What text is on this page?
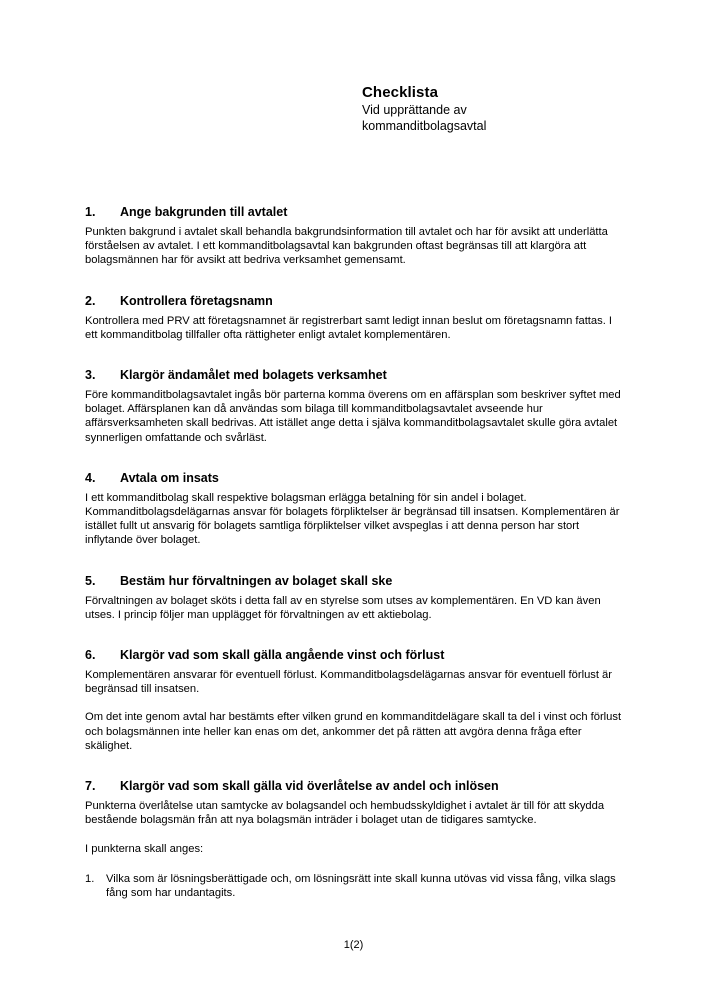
Checklista

Vid upprättande av

kommanditbolagsavtal

1.	Ange bakgrunden till avtalet

Punkten bakgrund i avtalet skall behandla bakgrundsinformation till avtalet och har för avsikt att underlätta förståelsen av avtalet. I ett kommanditbolagsavtal kan bakgrunden oftast begränsas till att klargöra att bolagsmännen har för avsikt att bedriva verksamhet gemensamt.

2.	Kontrollera företagsnamn

Kontrollera med PRV att företagsnamnet är registrerbart samt ledigt innan beslut om företagsnamn fattas. I ett kommanditbolag tillfaller ofta rättigheter enligt avtalet komplementären.

3.	Klargör ändamålet med bolagets verksamhet

Före kommanditbolagsavtalet ingås bör parterna komma överens om en affärsplan som beskriver syftet med bolaget. Affärsplanen kan då användas som bilaga till kommanditbolagsavtalet avseende hur affärsverksamheten skall bedrivas. Att istället ange detta i själva kommanditbolagsavtalet skulle göra avtalet synnerligen omfattande och svårläst.

4.	Avtala om insats

I ett kommanditbolag skall respektive bolagsman erlägga betalning för sin andel i bolaget. Kommanditbolagsdelägarnas ansvar för bolagets förpliktelser är begränsad till insatsen. Komplementären är istället fullt ut ansvarig för bolagets samtliga förpliktelser vilket avspeglas i att denna person har stort inflytande över bolaget.

5.	Bestäm hur förvaltningen av bolaget skall ske

Förvaltningen av bolaget sköts i detta fall av en styrelse som utses av komplementären. En VD kan även utses. I princip följer man upplägget för förvaltningen av ett aktiebolag.

6.	Klargör vad som skall gälla angående vinst och förlust

Komplementären ansvarar för eventuell förlust. Kommanditbolagsdelägarnas ansvar för eventuell förlust är begränsad till insatsen.

Om det inte genom avtal har bestämts efter vilken grund en kommanditdelägare skall ta del i vinst och förlust och bolagsmännen inte heller kan enas om det, ankommer det på rätten att avgöra denna fråga efter skälighet.

7.	Klargör vad som skall gälla vid överlåtelse av andel och inlösen

Punkterna överlåtelse utan samtycke av bolagsandel och hembudsskyldighet i avtalet är till för att skydda bestående bolagsmän från att nya bolagsmän inträder i bolaget utan de tidigares samtycke.

I punkterna skall anges:

1.	Vilka som är lösningsberättigade och, om lösningsrätt inte skall kunna utövas vid vissa fång, vilka slags fång som har undantagits.
1(2)
